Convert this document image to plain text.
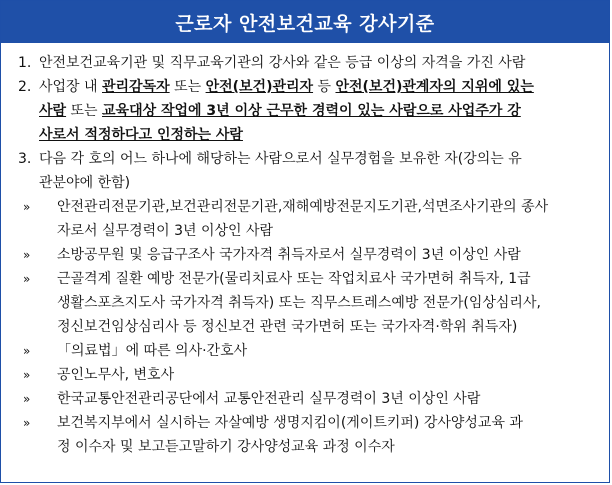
근로자 안전보건교육 강사기준
1. 안전보건교육기관 및 직무교육기관의 강사와 같은 등급 이상의 자격을 가진 사람
2. 사업장 내 관리감독자 또는 안전(보건)관리자 등 안전(보건)관계자의 지위에 있는
사람 또는 교육대상 작업에 3년 이상 근무한 경력이 있는 사람으로 사업주가 강
사로서 적정하다고 인정하는 사람
3. 다음 각 호의 어느 하나에 해당하는 사람으로서 실무경험을 보유한 자(강의는 유
관분야에 한함)
» 안전관리전문기관,보건관리전문기관,재해예방전문지도기관,석면조사기관의 종사
자로서 실무경력이 3년 이상인 사람
» 소방공무원 및 응급구조사 국가자격 취득자로서 실무경력이 3년 이상인 사람
» 근골격계 질환 예방 전문가(물리치료사 또는 작업치료사 국가면허 취득자, 1급
생활스포츠지도사 국가자격 취득자) 또는 직무스트레스예방 전문가(임상심리사,
정신보건임상심리사 등 정신보건 관련 국가면허 또는 국가자격·학위 취득자)
» 「의료법」에 따른 의사·간호사
» 공인노무사, 변호사
» 한국교통안전관리공단에서 교통안전관리 실무경력이 3년 이상인 사람
» 보건복지부에서 실시하는 자살예방 생명지킴이(게이트키퍼) 강사양성교육 과
정 이수자 및 보고듣고말하기 강사양성교육 과정 이수자
